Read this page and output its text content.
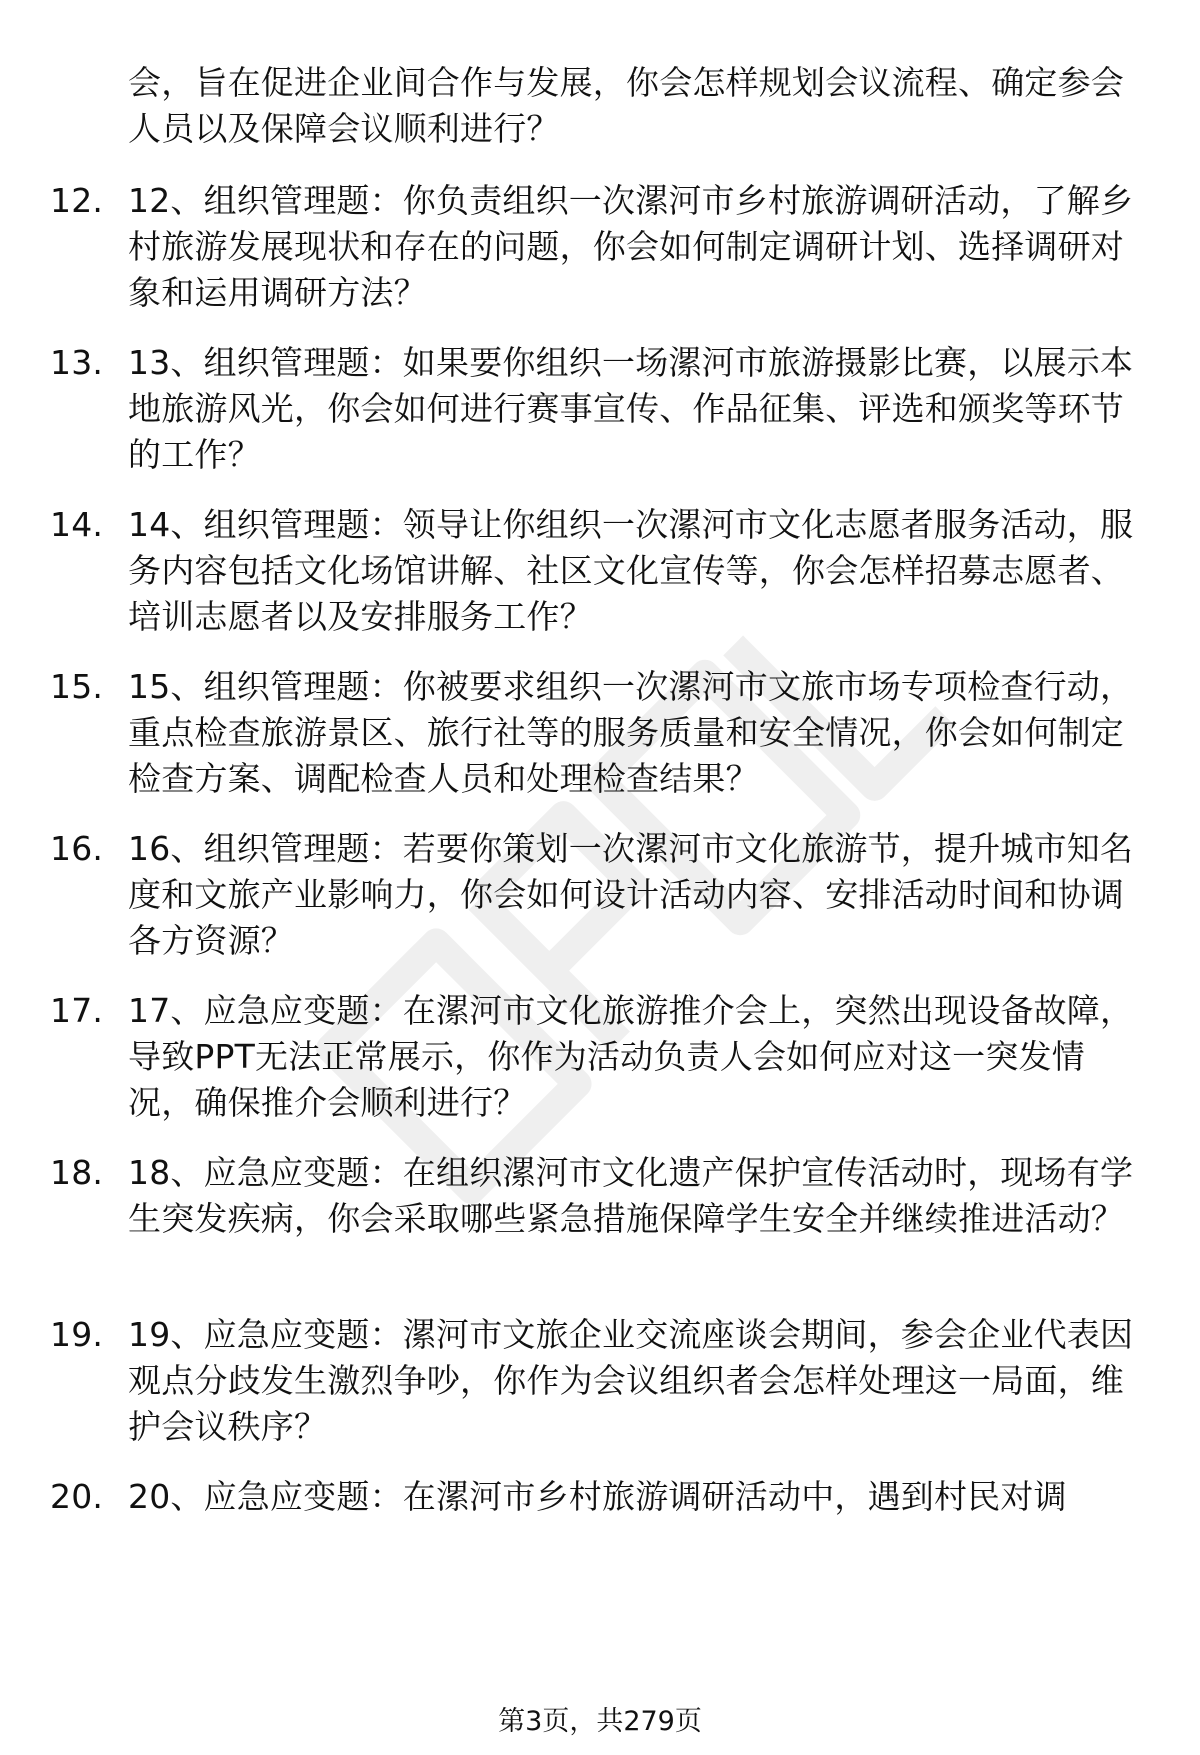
会，旨在促进企业间合作与发展，你会怎样规划会议流程、确定参会人员以及保障会议顺利进行？
12. 12、组织管理题：你负责组织一次漯河市乡村旅游调研活动，了解乡村旅游发展现状和存在的问题，你会如何制定调研计划、选择调研对象和运用调研方法？
13. 13、组织管理题：如果要你组织一场漯河市旅游摄影比赛，以展示本地旅游风光，你会如何进行赛事宣传、作品征集、评选和颁奖等环节的工作？
14. 14、组织管理题：领导让你组织一次漯河市文化志愿者服务活动，服务内容包括文化场馆讲解、社区文化宣传等，你会怎样招募志愿者、培训志愿者以及安排服务工作？
15. 15、组织管理题：你被要求组织一次漯河市文旅市场专项检查行动，重点检查旅游景区、旅行社等的服务质量和安全情况，你会如何制定检查方案、调配检查人员和处理检查结果？
16. 16、组织管理题：若要你策划一次漯河市文化旅游节，提升城市知名度和文旅产业影响力，你会如何设计活动内容、安排活动时间和协调各方资源？
17. 17、应急应变题：在漯河市文化旅游推介会上，突然出现设备故障，导致PPT无法正常展示，你作为活动负责人会如何应对这一突发情况，确保推介会顺利进行？
18. 18、应急应变题：在组织漯河市文化遗产保护宣传活动时，现场有学生突发疾病，你会采取哪些紧急措施保障学生安全并继续推进活动？
19. 19、应急应变题：漯河市文旅企业交流座谈会期间，参会企业代表因观点分歧发生激烈争吵，你作为会议组织者会怎样处理这一局面，维护会议秩序？
20. 20、应急应变题：在漯河市乡村旅游调研活动中，遇到村民对调
第3页，共279页
